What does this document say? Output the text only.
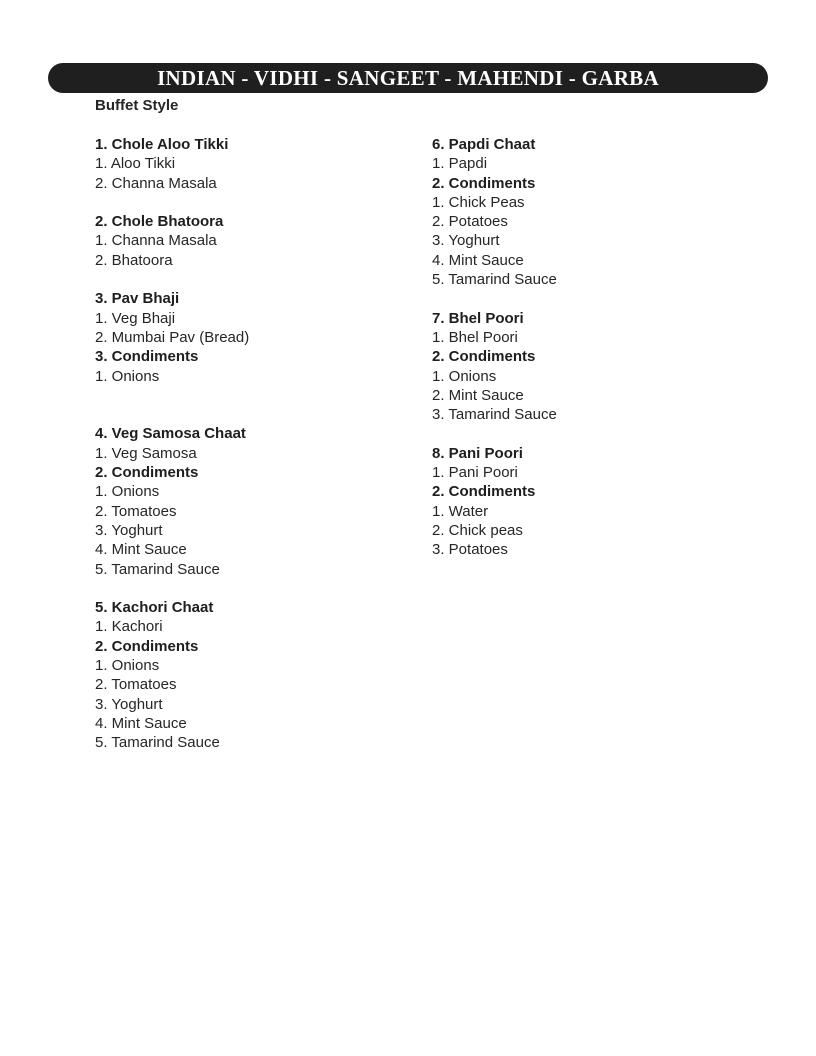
INDIAN - VIDHI - SANGEET - MAHENDI - GARBA
Buffet Style
1. Chole Aloo Tikki
1. Aloo Tikki
2. Channa Masala
2. Chole Bhatoora
1. Channa Masala
2. Bhatoora
3. Pav Bhaji
1. Veg Bhaji
2. Mumbai Pav (Bread)
3. Condiments
1. Onions
4. Veg Samosa Chaat
1. Veg Samosa
2. Condiments
1. Onions
2. Tomatoes
3. Yoghurt
4. Mint Sauce
5. Tamarind Sauce
5. Kachori Chaat
1. Kachori
2. Condiments
1. Onions
2. Tomatoes
3. Yoghurt
4. Mint Sauce
5. Tamarind Sauce
6. Papdi Chaat
1. Papdi
2. Condiments
1. Chick Peas
2. Potatoes
3. Yoghurt
4. Mint Sauce
5. Tamarind Sauce
7. Bhel Poori
1. Bhel Poori
2. Condiments
1. Onions
2. Mint Sauce
3. Tamarind Sauce
8. Pani Poori
1. Pani Poori
2. Condiments
1. Water
2. Chick peas
3. Potatoes
